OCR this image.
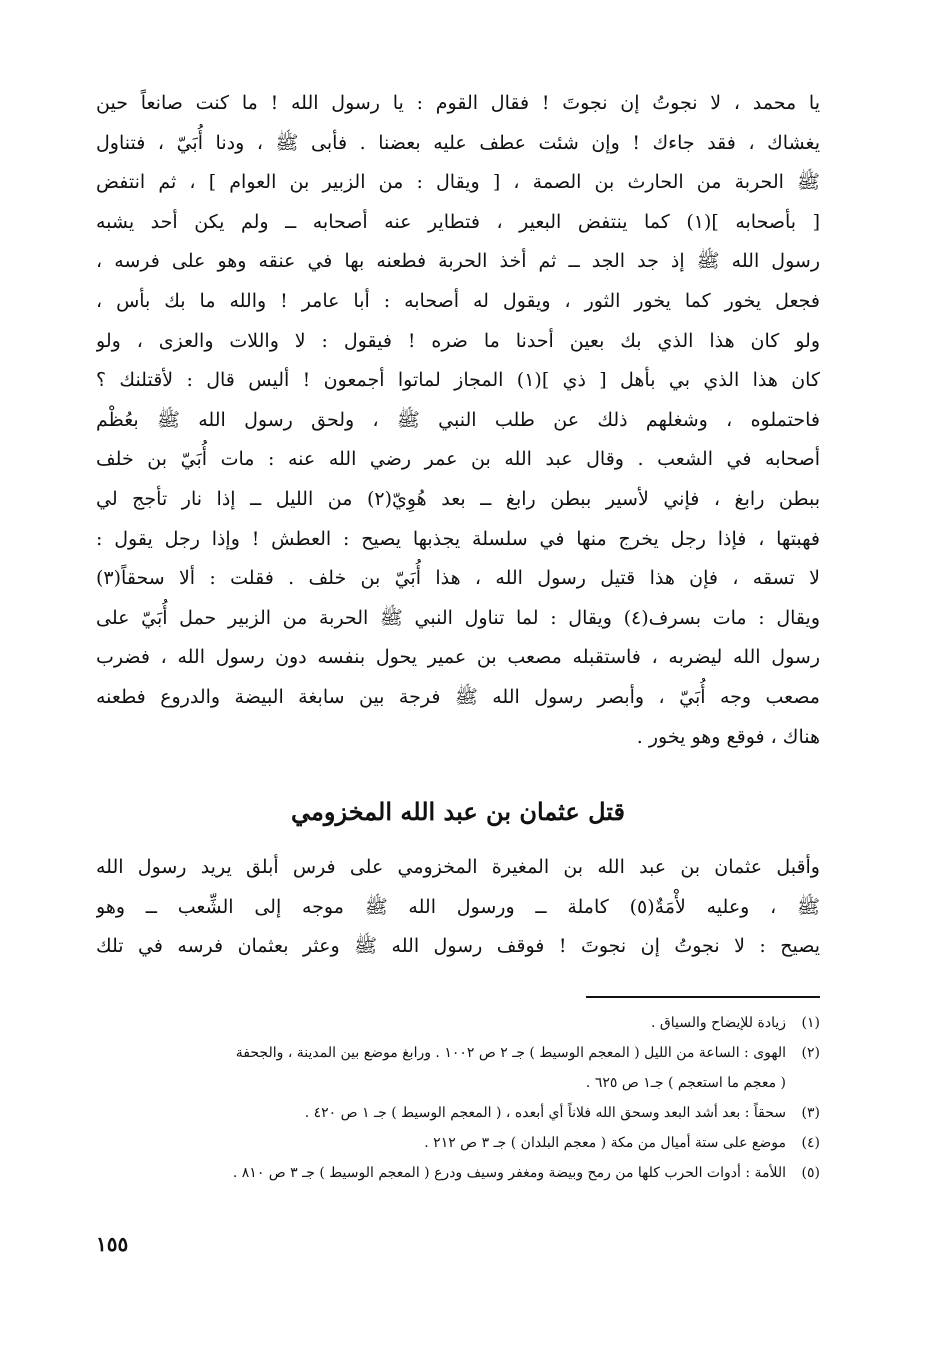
يا محمد ، لا نجوتُ إن نجوتَ ! فقال القوم : يا رسول الله ! ما كنت صانعاً حين
يغشاك ، فقد جاءك ! وإن شئت عطف عليه بعضنا . فأبى ﷺ ، ودنا أُبَيّ ، فتناول
ﷺ الحربة من الحارث بن الصمة ، [ ويقال : من الزبير بن العوام ] ، ثم انتفض
[ بأصحابه ](١) كما ينتفض البعير ، فتطاير عنه أصحابه ــ ولم يكن أحد يشبه
رسول الله ﷺ إذ جد الجد ــ ثم أخذ الحربة فطعنه بها في عنقه وهو على فرسه ،
فجعل يخور كما يخور الثور ، ويقول له أصحابه : أبا عامر ! والله ما بك بأس ،
ولو كان هذا الذي بك بعين أحدنا ما ضره ! فيقول : لا واللات والعزى ، ولو
كان هذا الذي بي بأهل [ ذي ](١) المجاز لماتوا أجمعون ! أليس قال : لأقتلنك ؟
فاحتملوه ، وشغلهم ذلك عن طلب النبي ﷺ ، ولحق رسول الله ﷺ بعُظْم
أصحابه في الشعب . وقال عبد الله بن عمر رضي الله عنه : مات أُبَيّ بن خلف
ببطن رابغ ، فإني لأسير ببطن رابغ ــ بعد هُوِيّ(٢) من الليل ــ إذا نار تأجج لي
فهبتها ، فإذا رجل يخرج منها في سلسلة يجذبها يصيح : العطش ! وإذا رجل يقول :
لا تسقه ، فإن هذا قتيل رسول الله ، هذا أُبَيّ بن خلف . فقلت : ألا سحقاً(٣)
ويقال : مات بسرف(٤) ويقال : لما تناول النبي ﷺ الحربة من الزبير حمل أُبَيّ على
رسول الله ليضربه ، فاستقبله مصعب بن عمير يحول بنفسه دون رسول الله ، فضرب
مصعب وجه أُبَيّ ، وأبصر رسول الله ﷺ فرجة بين سابغة البيضة والدروع فطعنه
هناك ، فوقع وهو يخور .
قتل عثمان بن عبد الله المخزومي
وأقبل عثمان بن عبد الله بن المغيرة المخزومي على فرس أبلق يريد رسول الله
ﷺ ، وعليه لأْمَةٌ(٥) كاملة ــ ورسول الله ﷺ موجه إلى الشِّعب ــ وهو
يصيح : لا نجوتُ إن نجوتَ ! فوقف رسول الله ﷺ وعثر بعثمان فرسه في تلك
(١)
زيادة للإيضاح والسياق .
(٢)
الهوى : الساعة من الليل ( المعجم الوسيط ) جـ ٢ ص ١٠٠٢ . ورابغ موضع بين المدينة ، والجحفة
( معجم ما استعجم ) جـ١ ص ٦٢٥ .
(٣)
سحقاً : بعد أشد البعد وسحق الله فلاناً أي أبعده ، ( المعجم الوسيط ) جـ ١ ص ٤٢٠ .
(٤)
موضع على ستة أميال من مكة ( معجم البلدان ) جـ ٣ ص ٢١٢ .
(٥)
اللأمة : أدوات الحرب كلها من رمح وبيضة ومغفر وسيف ودرع ( المعجم الوسيط ) جـ ٣ ص ٨١٠ .
١٥٥
